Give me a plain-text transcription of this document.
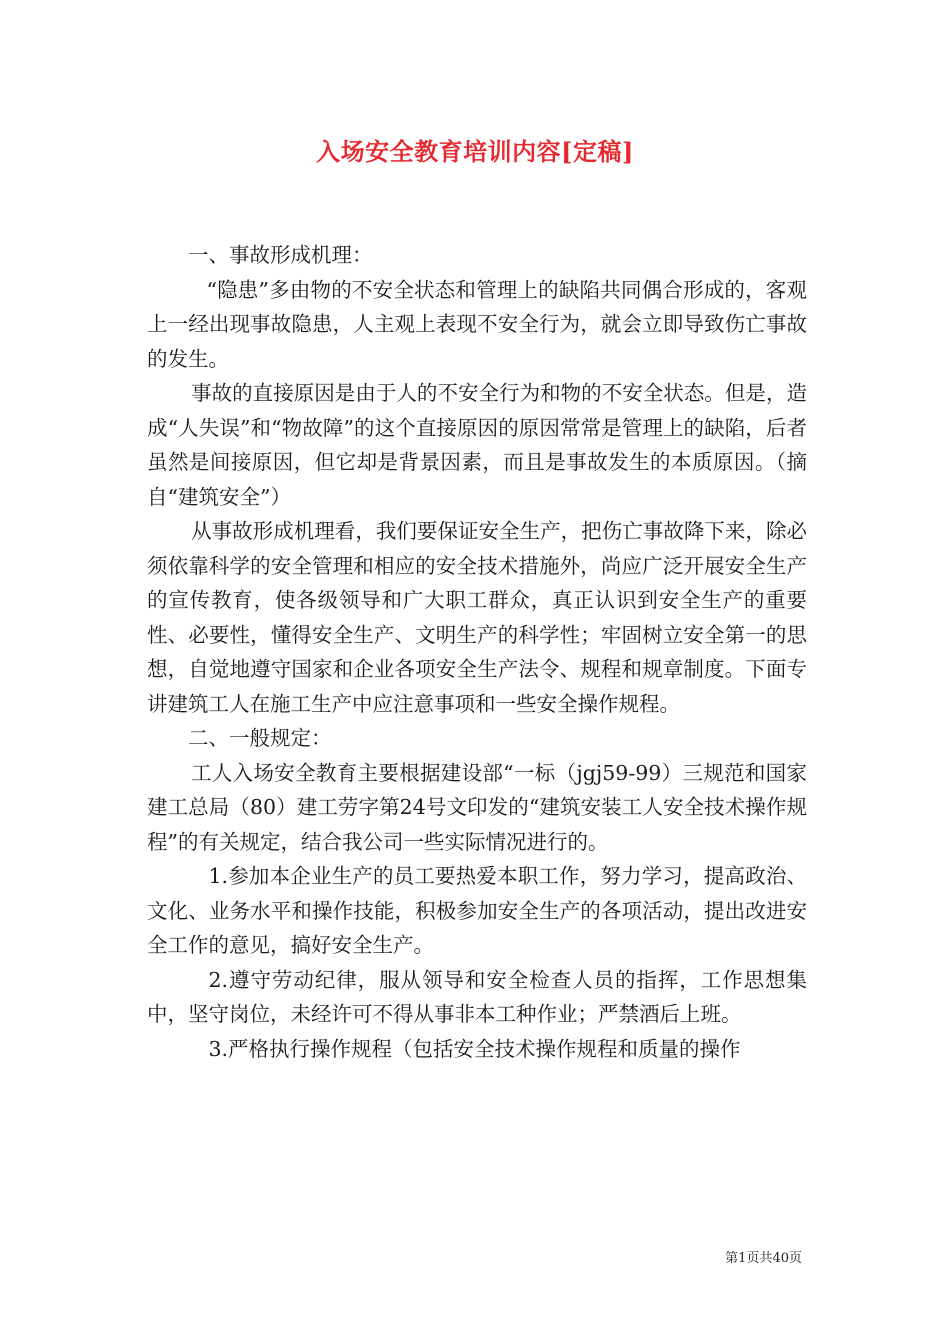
入场安全教育培训内容[定稿]

一、事故形成机理：

“隐患”多由物的不安全状态和管理上的缺陷共同偶合形成的，客观上一经出现事故隐患，人主观上表现不安全行为，就会立即导致伤亡事故的发生。

事故的直接原因是由于人的不安全行为和物的不安全状态。但是，造成“人失误”和“物故障”的这个直接原因的原因常常是管理上的缺陷，后者虽然是间接原因，但它却是背景因素，而且是事故发生的本质原因。（摘自“建筑安全”）

从事故形成机理看，我们要保证安全生产，把伤亡事故降下来，除必须依靠科学的安全管理和相应的安全技术措施外，尚应广泛开展安全生产的宣传教育，使各级领导和广大职工群众，真正认识到安全生产的重要性、必要性，懂得安全生产、文明生产的科学性；牢固树立安全第一的思想，自觉地遵守国家和企业各项安全生产法令、规程和规章制度。下面专讲建筑工人在施工生产中应注意事项和一些安全操作规程。

二、一般规定：

工人入场安全教育主要根据建设部“一标（jgj59-99）三规范和国家建工总局（80）建工劳字第24号文印发的“建筑安装工人安全技术操作规程”的有关规定，结合我公司一些实际情况进行的。

1.参加本企业生产的员工要热爱本职工作，努力学习，提高政治、文化、业务水平和操作技能，积极参加安全生产的各项活动，提出改进安全工作的意见，搞好安全生产。

2.遵守劳动纪律，服从领导和安全检查人员的指挥，工作思想集中，坚守岗位，未经许可不得从事非本工种作业；严禁酒后上班。

3.严格执行操作规程（包括安全技术操作规程和质量的操作

第1页共40页
